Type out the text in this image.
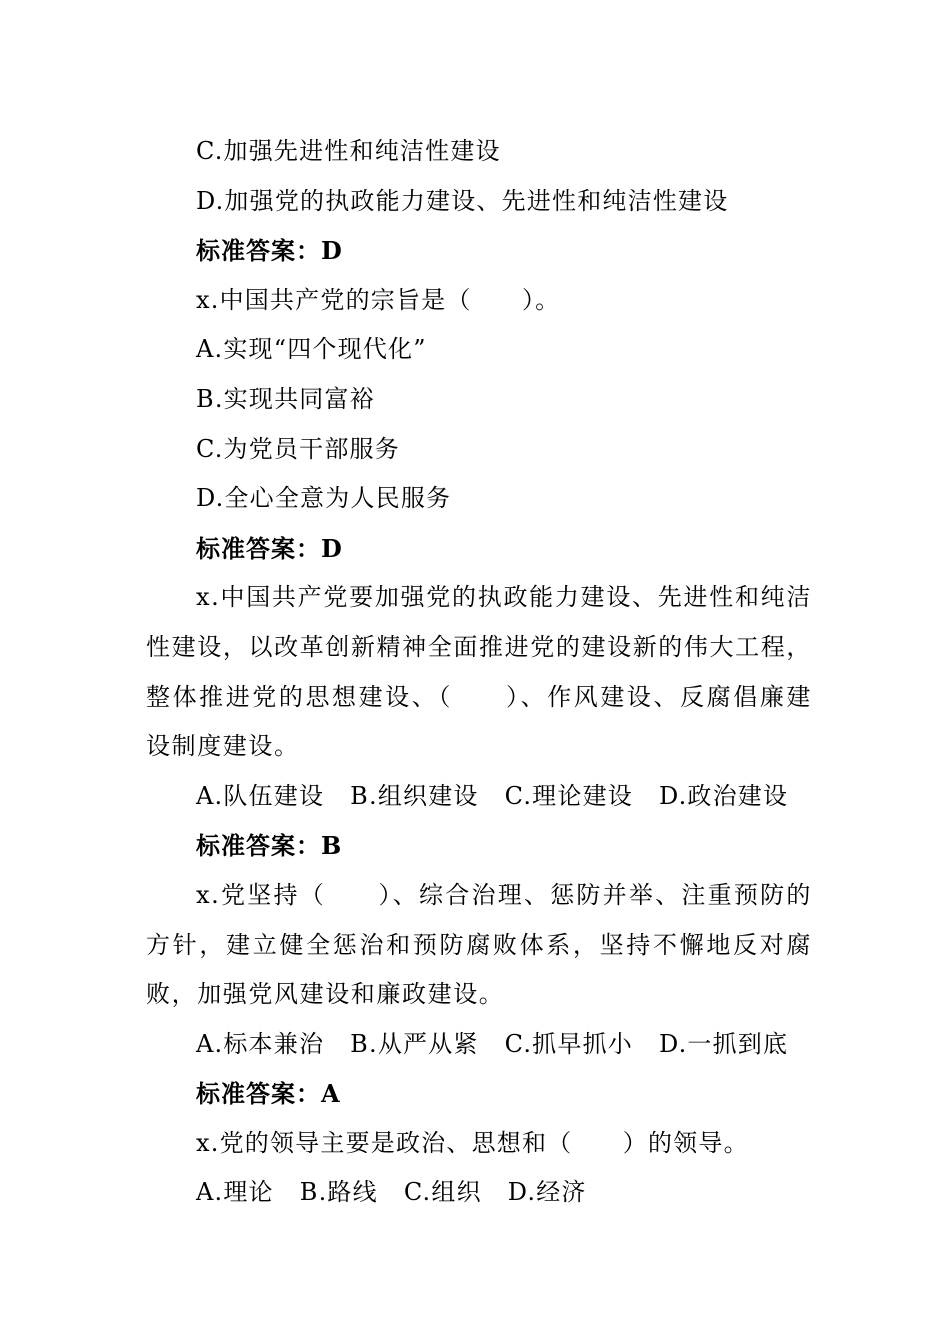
C.加强先进性和纯洁性建设
D.加强党的执政能力建设、先进性和纯洁性建设
标准答案：D
x.中国共产党的宗旨是（　　）。
A.实现“四个现代化”
B.实现共同富裕
C.为党员干部服务
D.全心全意为人民服务
标准答案：D
x.中国共产党要加强党的执政能力建设、先进性和纯洁性建设，以改革创新精神全面推进党的建设新的伟大工程，整体推进党的思想建设、（　　）、作风建设、反腐倡廉建设制度建设。
A.队伍建设 B.组织建设 C.理论建设 D.政治建设
标准答案：B
x.党坚持（　　）、综合治理、惩防并举、注重预防的方针，建立健全惩治和预防腐败体系，坚持不懈地反对腐败，加强党风建设和廉政建设。
A.标本兼治 B.从严从紧 C.抓早抓小 D.一抓到底
标准答案：A
x.党的领导主要是政治、思想和（　　）的领导。
A.理论 B.路线 C.组织 D.经济
